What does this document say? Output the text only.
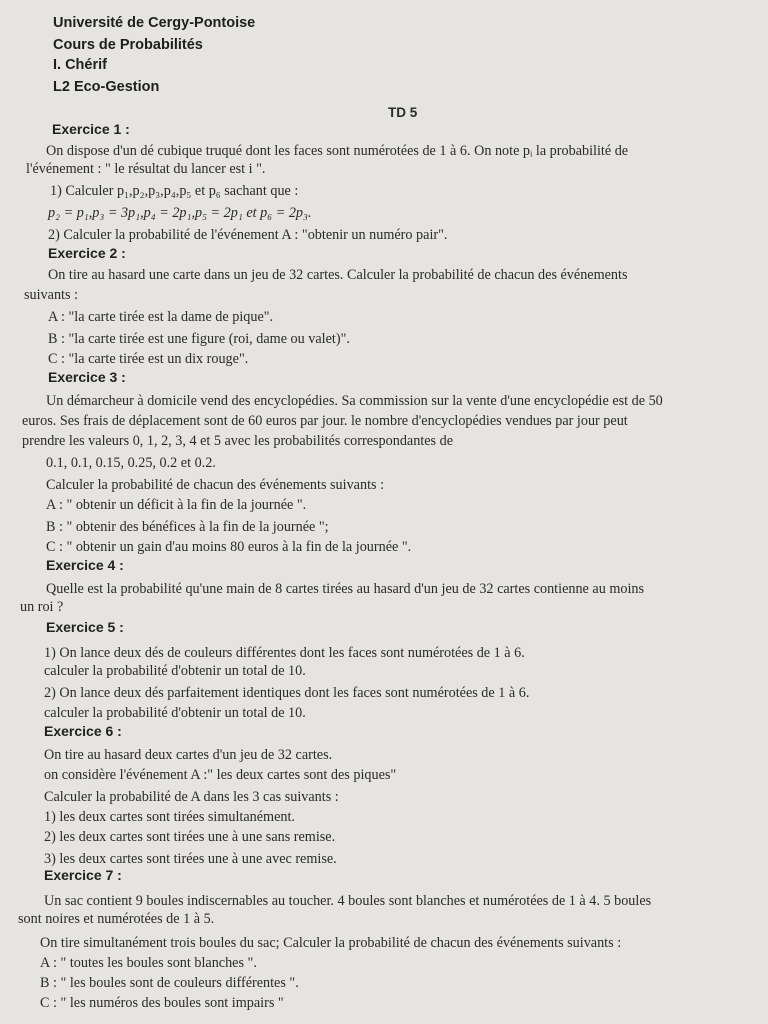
Université de Cergy-Pontoise
Cours de Probabilités
I. Chérif
L2 Eco-Gestion
TD 5
Exercice 1 :
On dispose d'un dé cubique truqué dont les faces sont numérotées de 1 à 6. On note pᵢ la probabilité de
l'événement : " le résultat du lancer est i ".
1) Calculer p₁,p₂,p₃,p₄,p₅ et p₆ sachant que :
p₂ = p₁,p₃ = 3p₁,p₄ = 2p₁,p₅ = 2p₁ et p₆ = 2p₃.
2) Calculer la probabilité de l'événement A : "obtenir un numéro pair".
Exercice 2 :
On tire au hasard une carte dans un jeu de 32 cartes. Calculer la probabilité de chacun des événements
suivants :
A : "la carte tirée est la dame de pique".
B : "la carte tirée est une figure (roi, dame ou valet)".
C : "la carte tirée est un dix rouge".
Exercice 3 :
Un démarcheur à domicile vend des encyclopédies. Sa commission sur la vente d'une encyclopédie est de 50
euros. Ses frais de déplacement sont de 60 euros par jour. le nombre d'encyclopédies vendues par jour peut
prendre les valeurs 0, 1, 2, 3, 4 et 5 avec les probabilités correspondantes de
0.1, 0.1, 0.15, 0.25, 0.2 et 0.2.
Calculer la probabilité de chacun des événements suivants :
A : " obtenir un déficit à la fin de la journée ".
B : " obtenir des bénéfices à la fin de la journée ";
C : " obtenir un gain d'au moins 80 euros à la fin de la journée ".
Exercice 4 :
Quelle est la probabilité qu'une main de 8 cartes tirées au hasard d'un jeu de 32 cartes contienne au moins
un roi ?
Exercice 5 :
1) On lance deux dés de couleurs différentes dont les faces sont numérotées de 1 à 6.
calculer la probabilité d'obtenir un total de 10.
2) On lance deux dés parfaitement identiques dont les faces sont numérotées de 1 à 6.
calculer la probabilité d'obtenir un total de 10.
Exercice 6 :
On tire au hasard deux cartes d'un jeu de 32 cartes.
on considère l'événement A :" les deux cartes sont des piques"
Calculer la probabilité de A dans les 3 cas suivants :
1) les deux cartes sont tirées simultanément.
2) les deux cartes sont tirées une à une sans remise.
3) les deux cartes sont tirées une à une avec remise.
Exercice 7 :
Un sac contient 9 boules indiscernables au toucher. 4 boules sont blanches et numérotées de 1 à 4. 5 boules
sont noires et numérotées de 1 à 5.
On tire simultanément trois boules du sac; Calculer la probabilité de chacun des événements suivants :
A : " toutes les boules sont blanches ".
B : " les boules sont de couleurs différentes ".
C : " les numéros des boules sont impairs "
